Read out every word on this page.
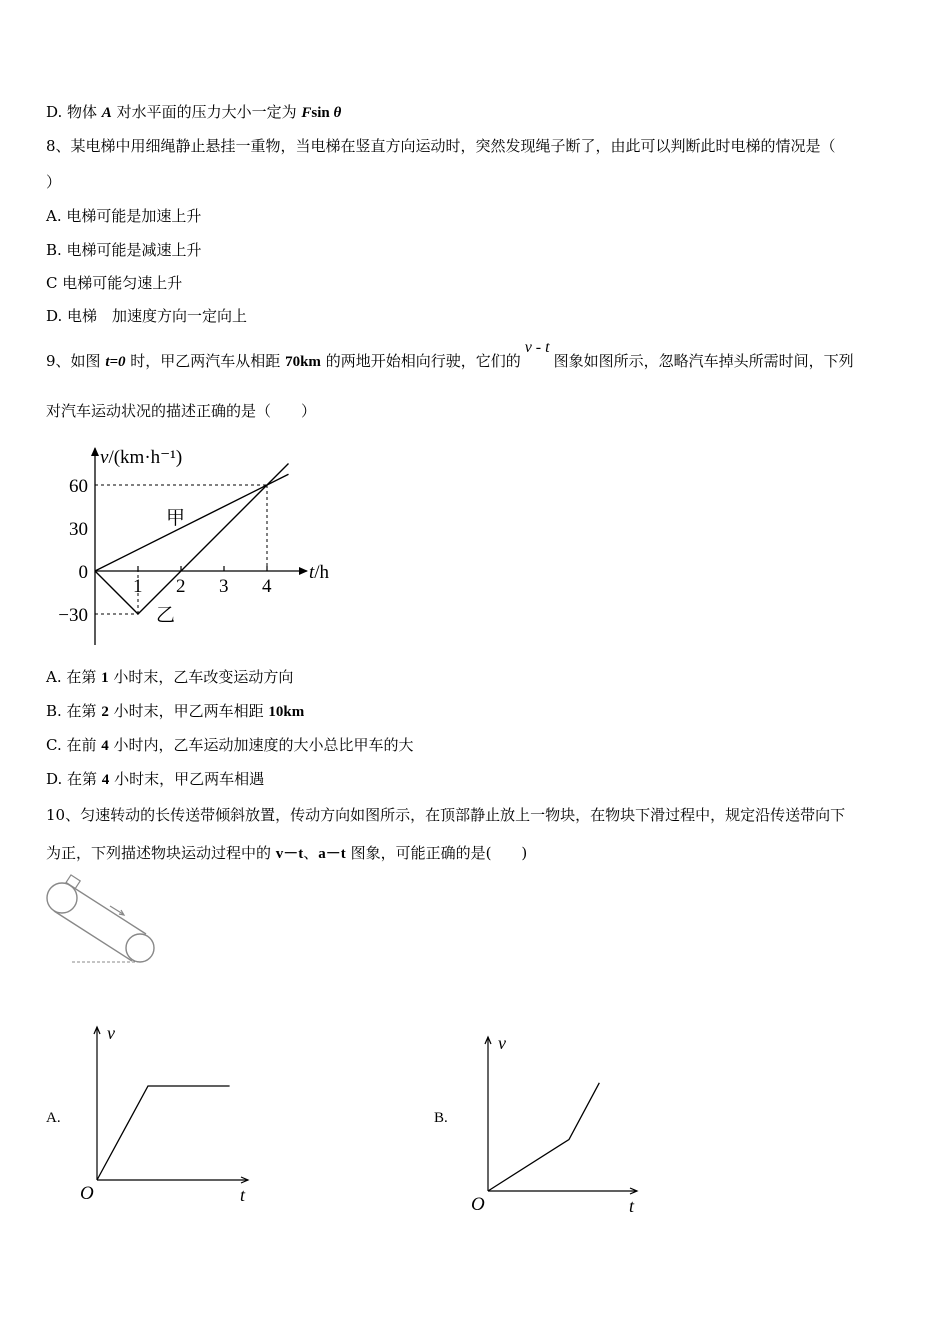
D. 物体 A 对水平面的压力大小一定为 Fsin θ
8、某电梯中用细绳静止悬挂一重物，当电梯在竖直方向运动时，突然发现绳子断了，由此可以判断此时电梯的情况是（
）
A. 电梯可能是加速上升
B. 电梯可能是减速上升
C 电梯可能匀速上升
D. 电梯　加速度方向一定向上
9、如图 t=0 时，甲乙两汽车从相距 70km 的两地开始相向行驶，它们的v - t图象如图所示，忽略汽车掉头所需时间，下列
对汽车运动状况的描述正确的是（　　）
60
30
0
−30
1 2 3 4
v/(km·h⁻¹)
t/h
甲
乙
A. 在第 1 小时末，乙车改变运动方向
B. 在第 2 小时末，甲乙两车相距 10km
C. 在前 4 小时内，乙车运动加速度的大小总比甲车的大
D. 在第 4 小时末，甲乙两车相遇
10、匀速转动的长传送带倾斜放置，传动方向如图所示，在顶部静止放上一物块，在物块下滑过程中，规定沿传送带向下
为正，下列描述物块运动过程中的 v－t、a－t 图象，可能正确的是(　　)
A.
v
t
O
B.
v
t
O
